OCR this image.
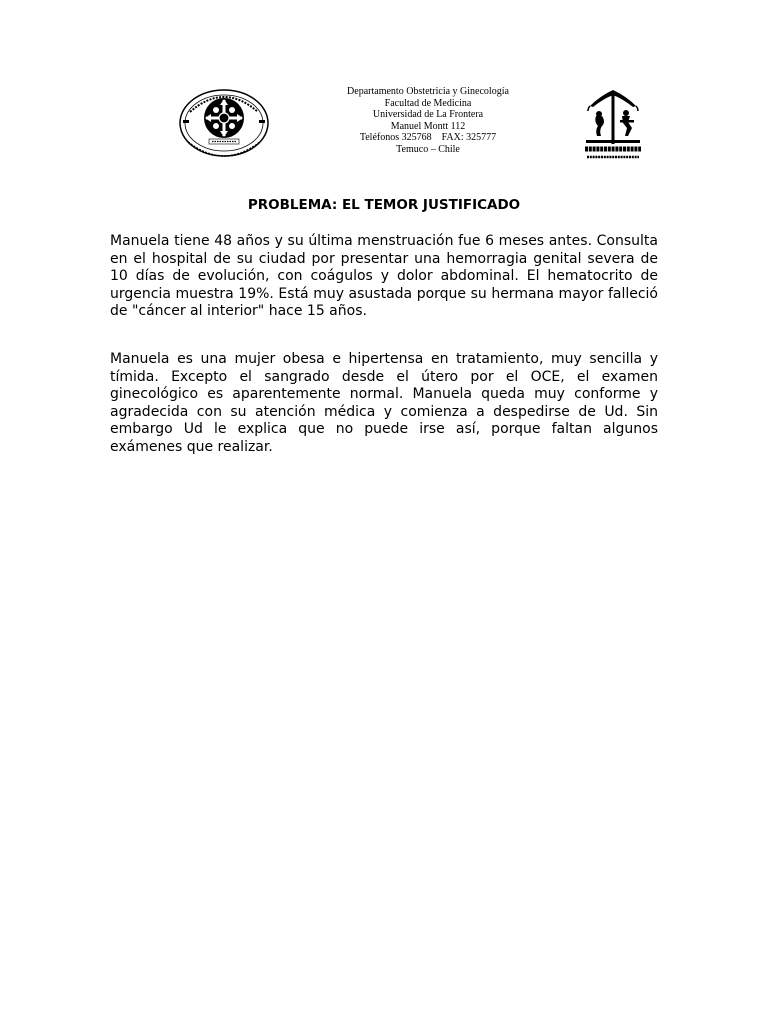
Departamento Obstetricia y Ginecología
Facultad de Medicina
Universidad de La Frontera
Manuel Montt 112
Teléfonos 325768    FAX: 325777
Temuco – Chile
PROBLEMA: EL TEMOR JUSTIFICADO

Manuela tiene 48 años y su última menstruación fue 6 meses antes. Consulta en el hospital de su ciudad por presentar una hemorragia genital severa de 10 días de evolución, con coágulos y dolor abdominal. El hematocrito de urgencia muestra 19%. Está muy asustada porque su hermana mayor falleció de "cáncer al interior" hace 15 años.

Manuela es una mujer obesa e hipertensa en tratamiento, muy sencilla y tímida. Excepto el sangrado desde el útero por el OCE, el examen ginecológico es aparentemente normal. Manuela queda muy conforme y agradecida con su atención médica y comienza a despedirse de Ud. Sin embargo Ud le explica que no puede irse así, porque faltan algunos exámenes que realizar.
